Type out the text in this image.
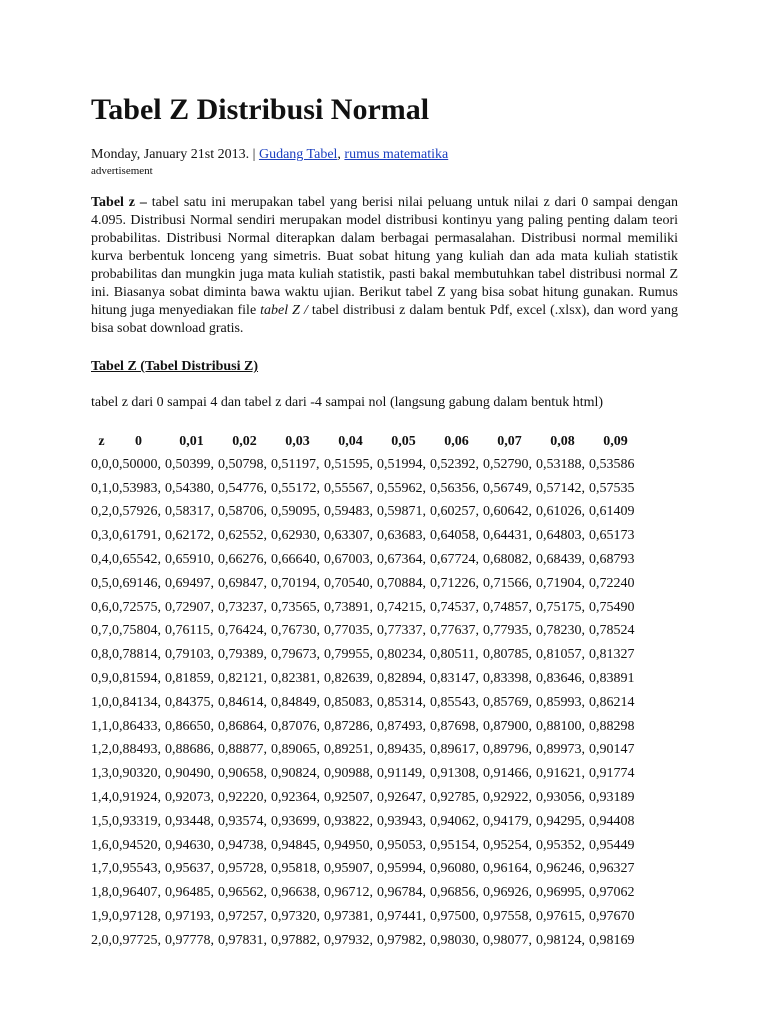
Tabel Z Distribusi Normal
Monday, January 21st 2013. | Gudang Tabel, rumus matematika
advertisement

Tabel z – tabel satu ini merupakan tabel yang berisi nilai peluang untuk nilai z dari 0 sampai dengan 4.095. Distribusi Normal sendiri merupakan model distribusi kontinyu yang paling penting dalam teori probabilitas. Distribusi Normal diterapkan dalam berbagai permasalahan. Distribusi normal memiliki kurva berbentuk lonceng yang simetris. Buat sobat hitung yang kuliah dan ada mata kuliah statistik probabilitas dan mungkin juga mata kuliah statistik, pasti bakal membutuhkan tabel distribusi normal Z ini. Biasanya sobat diminta bawa waktu ujian. Berikut tabel Z yang bisa sobat hitung gunakan. Rumus hitung juga menyediakan file tabel Z / tabel distribusi z dalam bentuk Pdf, excel (.xlsx), dan word yang bisa sobat download gratis.

Tabel Z (Tabel Distribusi Z)

tabel z dari 0 sampai 4 dan tabel z dari -4 sampai nol (langsung gabung dalam bentuk html)

z	0	0,01	0,02	0,03	0,04	0,05	0,06	0,07	0,08	0,09
0,0,	0,50000,	0,50399,	0,50798,	0,51197,	0,51595,	0,51994,	0,52392,	0,52790,	0,53188,	0,53586
0,1,	0,53983,	0,54380,	0,54776,	0,55172,	0,55567,	0,55962,	0,56356,	0,56749,	0,57142,	0,57535
0,2,	0,57926,	0,58317,	0,58706,	0,59095,	0,59483,	0,59871,	0,60257,	0,60642,	0,61026,	0,61409
0,3,	0,61791,	0,62172,	0,62552,	0,62930,	0,63307,	0,63683,	0,64058,	0,64431,	0,64803,	0,65173
0,4,	0,65542,	0,65910,	0,66276,	0,66640,	0,67003,	0,67364,	0,67724,	0,68082,	0,68439,	0,68793
0,5,	0,69146,	0,69497,	0,69847,	0,70194,	0,70540,	0,70884,	0,71226,	0,71566,	0,71904,	0,72240
0,6,	0,72575,	0,72907,	0,73237,	0,73565,	0,73891,	0,74215,	0,74537,	0,74857,	0,75175,	0,75490
0,7,	0,75804,	0,76115,	0,76424,	0,76730,	0,77035,	0,77337,	0,77637,	0,77935,	0,78230,	0,78524
0,8,	0,78814,	0,79103,	0,79389,	0,79673,	0,79955,	0,80234,	0,80511,	0,80785,	0,81057,	0,81327
0,9,	0,81594,	0,81859,	0,82121,	0,82381,	0,82639,	0,82894,	0,83147,	0,83398,	0,83646,	0,83891
1,0,	0,84134,	0,84375,	0,84614,	0,84849,	0,85083,	0,85314,	0,85543,	0,85769,	0,85993,	0,86214
1,1,	0,86433,	0,86650,	0,86864,	0,87076,	0,87286,	0,87493,	0,87698,	0,87900,	0,88100,	0,88298
1,2,	0,88493,	0,88686,	0,88877,	0,89065,	0,89251,	0,89435,	0,89617,	0,89796,	0,89973,	0,90147
1,3,	0,90320,	0,90490,	0,90658,	0,90824,	0,90988,	0,91149,	0,91308,	0,91466,	0,91621,	0,91774
1,4,	0,91924,	0,92073,	0,92220,	0,92364,	0,92507,	0,92647,	0,92785,	0,92922,	0,93056,	0,93189
1,5,	0,93319,	0,93448,	0,93574,	0,93699,	0,93822,	0,93943,	0,94062,	0,94179,	0,94295,	0,94408
1,6,	0,94520,	0,94630,	0,94738,	0,94845,	0,94950,	0,95053,	0,95154,	0,95254,	0,95352,	0,95449
1,7,	0,95543,	0,95637,	0,95728,	0,95818,	0,95907,	0,95994,	0,96080,	0,96164,	0,96246,	0,96327
1,8,	0,96407,	0,96485,	0,96562,	0,96638,	0,96712,	0,96784,	0,96856,	0,96926,	0,96995,	0,97062
1,9,	0,97128,	0,97193,	0,97257,	0,97320,	0,97381,	0,97441,	0,97500,	0,97558,	0,97615,	0,97670
2,0,	0,97725,	0,97778,	0,97831,	0,97882,	0,97932,	0,97982,	0,98030,	0,98077,	0,98124,	0,98169
